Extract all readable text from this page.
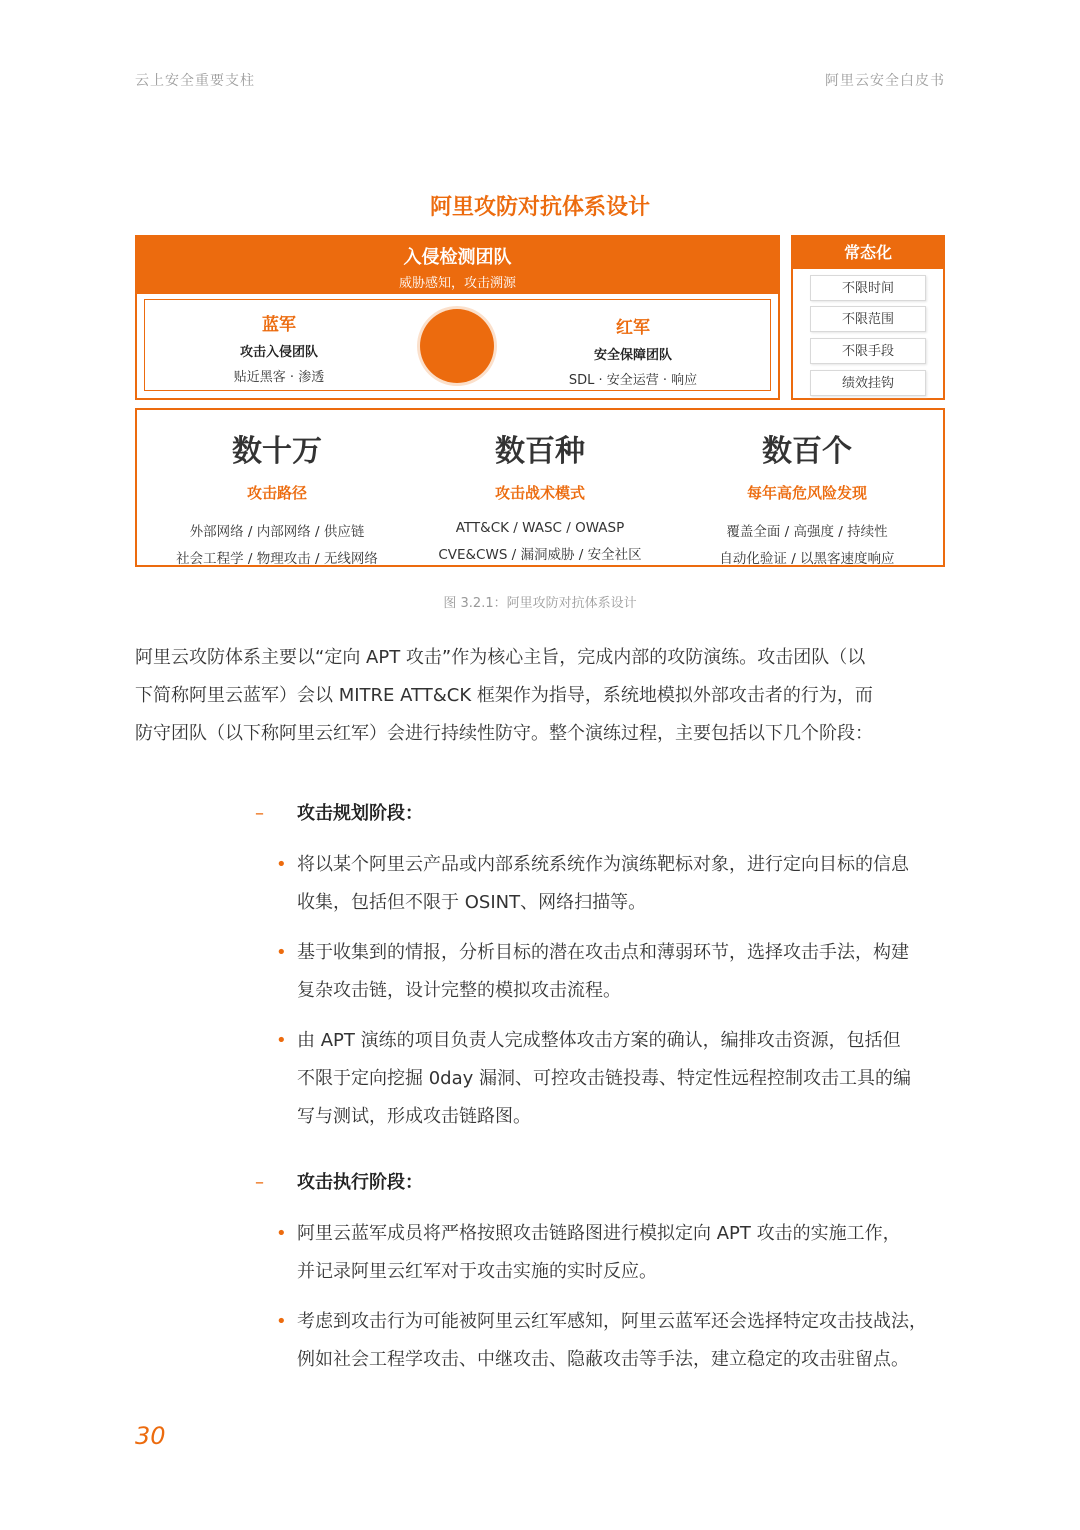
云上安全重要支柱	阿里云安全白皮书
阿里攻防对抗体系设计
入侵检测团队
威胁感知，攻击溯源
蓝军
攻击入侵团队
贴近黑客 · 渗透
红军
安全保障团队
SDL · 安全运营 · 响应
常态化
不限时间
不限范围
不限手段
绩效挂钩
数十万
攻击路径
外部网络 / 内部网络 / 供应链
社会工程学 / 物理攻击 / 无线网络
数百种
攻击战术模式
ATT&CK / WASC / OWASP
CVE&CWS / 漏洞威胁 / 安全社区
数百个
每年高危风险发现
覆盖全面 / 高强度 / 持续性
自动化验证 / 以黑客速度响应
图 3.2.1：阿里攻防对抗体系设计

阿里云攻防体系主要以“定向 APT 攻击”作为核心主旨，完成内部的攻防演练。攻击团队（以

下简称阿里云蓝军）会以 MITRE ATT&CK 框架作为指导，系统地模拟外部攻击者的行为，而

防守团队（以下称阿里云红军）会进行持续性防守。整个演练过程，主要包括以下几个阶段：

– 攻击规划阶段：
• 将以某个阿里云产品或内部系统系统作为演练靶标对象，进行定向目标的信息
收集，包括但不限于 OSINT、网络扫描等。
• 基于收集到的情报，分析目标的潜在攻击点和薄弱环节，选择攻击手法，构建
复杂攻击链，设计完整的模拟攻击流程。
• 由 APT 演练的项目负责人完成整体攻击方案的确认，编排攻击资源，包括但
不限于定向挖掘 0day 漏洞、可控攻击链投毒、特定性远程控制攻击工具的编
写与测试，形成攻击链路图。
– 攻击执行阶段：
• 阿里云蓝军成员将严格按照攻击链路图进行模拟定向 APT 攻击的实施工作，
并记录阿里云红军对于攻击实施的实时反应。
• 考虑到攻击行为可能被阿里云红军感知，阿里云蓝军还会选择特定攻击技战法，
例如社会工程学攻击、中继攻击、隐蔽攻击等手法，建立稳定的攻击驻留点。
30
